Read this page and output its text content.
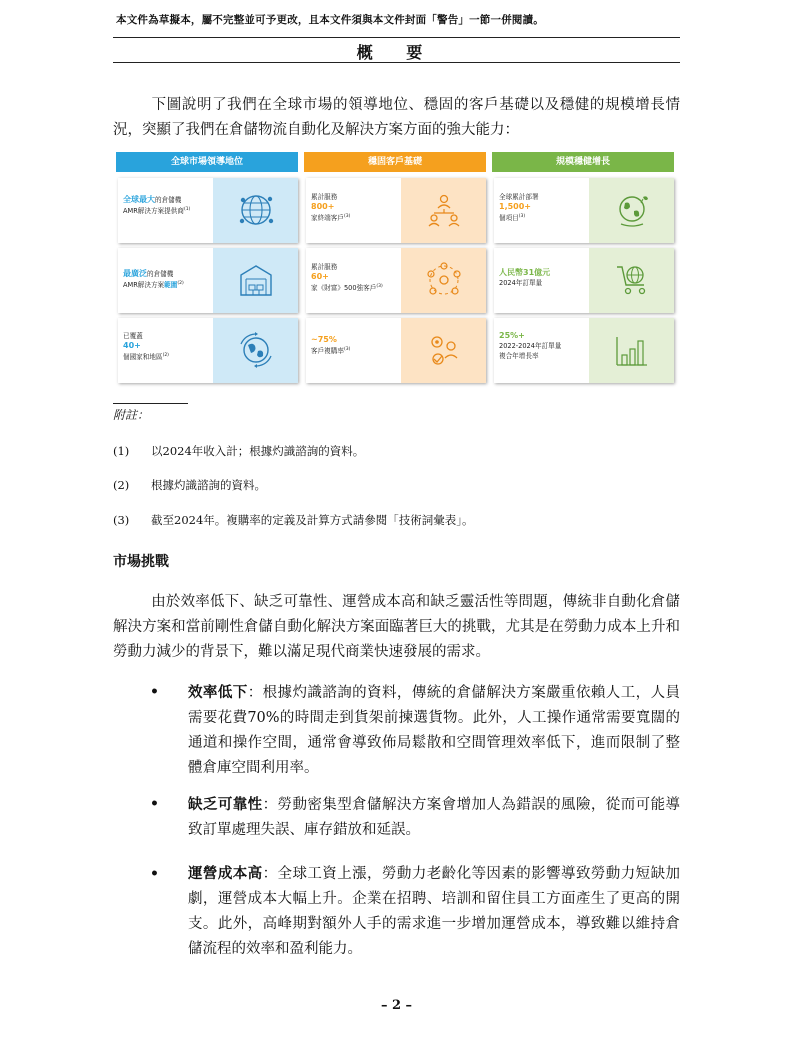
本文件為草擬本，屬不完整並可予更改，且本文件須與本文件封面「警告」一節一併閱讀。
概 要
下圖說明了我們在全球市場的領導地位、穩固的客戶基礎以及穩健的規模增長情況，突顯了我們在倉儲物流自動化及解決方案方面的強大能力：
全球市場領導地位
全球最大的倉儲機
AMR解決方案提供商$^{(1)}$
最廣泛的倉儲機
AMR解決方案範圍$^{(2)}$
已覆蓋
40+
個國家和地區$^{(2)}$
穩固客戶基礎
累計服務
800+
家終端客戶$^{(3)}$
累計服務
60+
家《財富》500強客戶$^{(3)}$
~75%
客戶複購率$^{(3)}$
規模穩健增長
全球累計部署
1,500+
個項目$^{(3)}$
人民幣31億元
2024年訂單量
25%+
2022-2024年訂單量
複合年增長率
附註：
(1) 以2024年收入計；根據灼識諮詢的資料。
(2) 根據灼識諮詢的資料。
(3) 截至2024年。複購率的定義及計算方式請參閱「技術詞彙表」。
市場挑戰
由於效率低下、缺乏可靠性、運營成本高和缺乏靈活性等問題，傳統非自動化倉儲解決方案和當前剛性倉儲自動化解決方案面臨著巨大的挑戰，尤其是在勞動力成本上升和勞動力減少的背景下，難以滿足現代商業快速發展的需求。
• 效率低下：根據灼識諮詢的資料，傳統的倉儲解決方案嚴重依賴人工，人員需要花費70%的時間走到貨架前揀選貨物。此外，人工操作通常需要寬闊的通道和操作空間，通常會導致佈局鬆散和空間管理效率低下，進而限制了整體倉庫空間利用率。
• 缺乏可靠性：勞動密集型倉儲解決方案會增加人為錯誤的風險，從而可能導致訂單處理失誤、庫存錯放和延誤。
• 運營成本高：全球工資上漲，勞動力老齡化等因素的影響導致勞動力短缺加劇，運營成本大幅上升。企業在招聘、培訓和留住員工方面產生了更高的開支。此外，高峰期對額外人手的需求進一步增加運營成本，導致難以維持倉儲流程的效率和盈利能力。
– 2 –
